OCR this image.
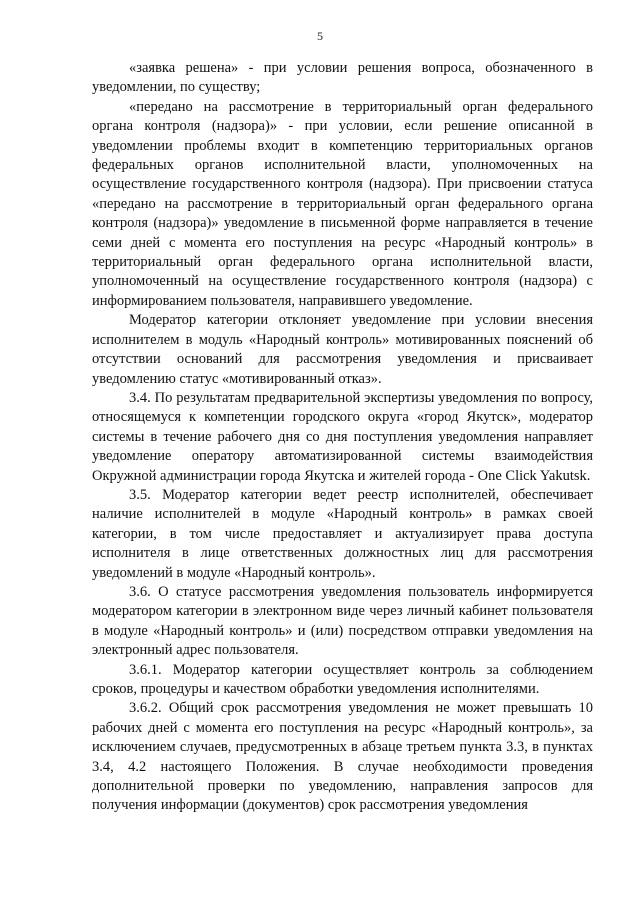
5

«заявка решена» - при условии решения вопроса, обозначенного в уведомлении, по существу;

«передано на рассмотрение в территориальный орган федерального органа контроля (надзора)» - при условии, если решение описанной в уведомлении проблемы входит в компетенцию территориальных органов федеральных органов исполнительной власти, уполномоченных на осуществление государственного контроля (надзора). При присвоении статуса «передано на рассмотрение в территориальный орган федерального органа контроля (надзора)» уведомление в письменной форме направляется в течение семи дней с момента его поступления на ресурс «Народный контроль» в территориальный орган федерального органа исполнительной власти, уполномоченный на осуществление государственного контроля (надзора) с информированием пользователя, направившего уведомление.

Модератор категории отклоняет уведомление при условии внесения исполнителем в модуль «Народный контроль» мотивированных пояснений об отсутствии оснований для рассмотрения уведомления и присваивает уведомлению статус «мотивированный отказ».

3.4. По результатам предварительной экспертизы уведомления по вопросу, относящемуся к компетенции городского округа «город Якутск», модератор системы в течение рабочего дня со дня поступления уведомления направляет уведомление оператору автоматизированной системы взаимодействия Окружной администрации города Якутска и жителей города - One Click Yakutsk.

3.5. Модератор категории ведет реестр исполнителей, обеспечивает наличие исполнителей в модуле «Народный контроль» в рамках своей категории, в том числе предоставляет и актуализирует права доступа исполнителя в лице ответственных должностных лиц для рассмотрения уведомлений в модуле «Народный контроль».

3.6. О статусе рассмотрения уведомления пользователь информируется модератором категории в электронном виде через личный кабинет пользователя в модуле «Народный контроль» и (или) посредством отправки уведомления на электронный адрес пользователя.

3.6.1. Модератор категории осуществляет контроль за соблюдением сроков, процедуры и качеством обработки уведомления исполнителями.

3.6.2. Общий срок рассмотрения уведомления не может превышать 10 рабочих дней с момента его поступления на ресурс «Народный контроль», за исключением случаев, предусмотренных в абзаце третьем пункта 3.3, в пунктах 3.4, 4.2 настоящего Положения. В случае необходимости проведения дополнительной проверки по уведомлению, направления запросов для получения информации (документов) срок рассмотрения уведомления
